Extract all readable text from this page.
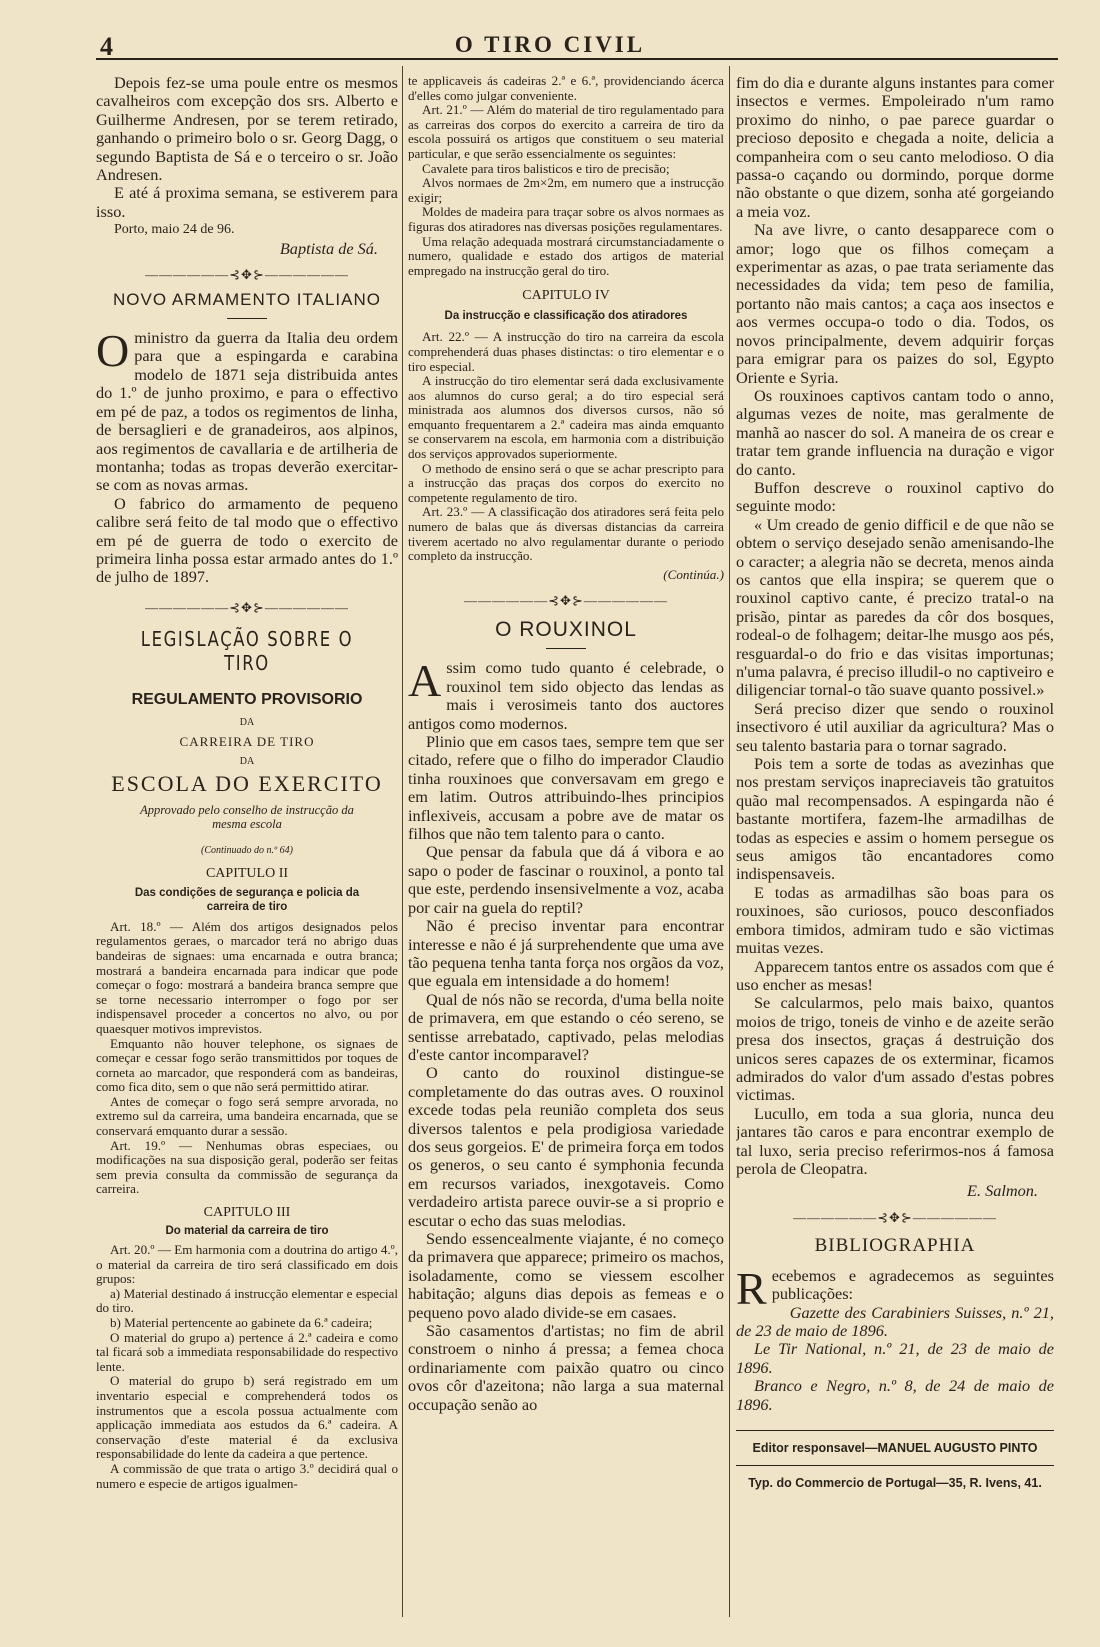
4	O TIRO CIVIL

Depois fez-se uma poule entre os mesmos cavalheiros com excepção dos srs. Alberto e Guilherme Andresen, por se terem retirado, ganhando o primeiro bolo o sr. Georg Dagg, o segundo Baptista de Sá e o terceiro o sr. João Andresen.

E até á proxima semana, se estiverem para isso.

Porto, maio 24 de 96.

Baptista de Sá.

——————⊰✥⊱——————
NOVO ARMAMENTO ITALIANO

Oministro da guerra da Italia deu ordem para que a espingarda e carabina modelo de 1871 seja distribuida antes do 1.º de junho proximo, e para o effectivo em pé de paz, a todos os regimentos de linha, de bersaglieri e de granadeiros, aos alpinos, aos regimentos de cavallaria e de artilheria de montanha; todas as tropas deverão exercitar-se com as novas armas.

O fabrico do armamento de pequeno calibre será feito de tal modo que o effectivo em pé de guerra de todo o exercito de primeira linha possa estar armado antes do 1.º de julho de 1897.

——————⊰✥⊱——————
LEGISLAÇÃO SOBRE O TIRO
REGULAMENTO PROVISORIO
DA
CARREIRA DE TIRO
DA
ESCOLA DO EXERCITO
Approvado pelo conselho de instrucção da mesma escola
(Continuado do n.º 64)
CAPITULO II
Das condições de segurança e policia da carreira de tiro

Art. 18.º — Além dos artigos designados pelos regulamentos geraes, o marcador terá no abrigo duas bandeiras de signaes: uma encarnada e outra branca; mostrará a bandeira encarnada para indicar que pode começar o fogo: mostrará a bandeira branca sempre que se torne necessario interromper o fogo por ser indispensavel proceder a concertos no alvo, ou por quaesquer motivos imprevistos.

Emquanto não houver telephone, os signaes de começar e cessar fogo serão transmittidos por toques de corneta ao marcador, que responderá com as bandeiras, como fica dito, sem o que não será permittido atirar.

Antes de começar o fogo será sempre arvorada, no extremo sul da carreira, uma bandeira encarnada, que se conservará emquanto durar a sessão.

Art. 19.º — Nenhumas obras especiaes, ou modificações na sua disposição geral, poderão ser feitas sem previa consulta da commissão de segurança da carreira.

CAPITULO III
Do material da carreira de tiro

Art. 20.º — Em harmonia com a doutrina do artigo 4.º, o material da carreira de tiro será classificado em dois grupos:

a) Material destinado á instrucção elementar e especial do tiro.

b) Material pertencente ao gabinete da 6.ª cadeira;

O material do grupo a) pertence á 2.ª cadeira e como tal ficará sob a immediata responsabilidade do respectivo lente.

O material do grupo b) será registrado em um inventario especial e comprehenderá todos os instrumentos que a escola possua actualmente com applicação immediata aos estudos da 6.ª cadeira. A conservação d'este material é da exclusiva responsabilidade do lente da cadeira a que pertence.

A commissão de que trata o artigo 3.º decidirá qual o numero e especie de artigos igualmen-

te applicaveis ás cadeiras 2.ª e 6.ª, providenciando ácerca d'elles como julgar conveniente.

Art. 21.º — Além do material de tiro regulamentado para as carreiras dos corpos do exercito a carreira de tiro da escola possuirá os artigos que constituem o seu material particular, e que serão essencialmente os seguintes:

Cavalete para tiros balisticos e tiro de precisão;

Alvos normaes de 2m×2m, em numero que a instrucção exigir;

Moldes de madeira para traçar sobre os alvos normaes as figuras dos atiradores nas diversas posições regulamentares.

Uma relação adequada mostrará circumstanciadamente o numero, qualidade e estado dos artigos de material empregado na instrucção geral do tiro.

CAPITULO IV
Da instrucção e classificação dos atiradores

Art. 22.º — A instrucção do tiro na carreira da escola comprehenderá duas phases distinctas: o tiro elementar e o tiro especial.

A instrucção do tiro elementar será dada exclusivamente aos alumnos do curso geral; a do tiro especial será ministrada aos alumnos dos diversos cursos, não só emquanto frequentarem a 2.ª cadeira mas ainda emquanto se conservarem na escola, em harmonia com a distribuição dos serviços approvados superiormente.

O methodo de ensino será o que se achar prescripto para a instrucção das praças dos corpos do exercito no competente regulamento de tiro.

Art. 23.º — A classificação dos atiradores será feita pelo numero de balas que ás diversas distancias da carreira tiverem acertado no alvo regulamentar durante o periodo completo da instrucção.

(Continúa.)

——————⊰✥⊱——————
O ROUXINOL

Assim como tudo quanto é celebrade, o rouxinol tem sido objecto das lendas as mais i verosimeis tanto dos auctores antigos como modernos.

Plinio que em casos taes, sempre tem que ser citado, refere que o filho do imperador Claudio tinha rouxinoes que conversavam em grego e em latim. Outros attribuindo-lhes principios inflexiveis, accusam a pobre ave de matar os filhos que não tem talento para o canto.

Que pensar da fabula que dá á vibora e ao sapo o poder de fascinar o rouxinol, a ponto tal que este, perdendo insensivelmente a voz, acaba por cair na guela do reptil?

Não é preciso inventar para encontrar interesse e não é já surprehendente que uma ave tão pequena tenha tanta força nos orgãos da voz, que eguala em intensidade a do homem!

Qual de nós não se recorda, d'uma bella noite de primavera, em que estando o céo sereno, se sentisse arrebatado, captivado, pelas melodias d'este cantor incomparavel?

O canto do rouxinol distingue-se completamente do das outras aves. O rouxinol excede todas pela reunião completa dos seus diversos talentos e pela prodigiosa variedade dos seus gorgeios. E' de primeira força em todos os generos, o seu canto é symphonia fecunda em recursos variados, inexgotaveis. Como verdadeiro artista parece ouvir-se a si proprio e escutar o echo das suas melodias.

Sendo essencealmente viajante, é no começo da primavera que apparece; primeiro os machos, isoladamente, como se viessem escolher habitação; alguns dias depois as femeas e o pequeno povo alado divide-se em casaes.

São casamentos d'artistas; no fim de abril constroem o ninho á pressa; a femea choca ordinariamente com paixão quatro ou cinco ovos côr d'azeitona; não larga a sua maternal occupação senão ao

fim do dia e durante alguns instantes para comer insectos e vermes. Empoleirado n'um ramo proximo do ninho, o pae parece guardar o precioso deposito e chegada a noite, delicia a companheira com o seu canto melodioso. O dia passa-o caçando ou dormindo, porque dorme não obstante o que dizem, sonha até gorgeiando a meia voz.

Na ave livre, o canto desapparece com o amor; logo que os filhos começam a experimentar as azas, o pae trata seriamente das necessidades da vida; tem peso de familia, portanto não mais cantos; a caça aos insectos e aos vermes occupa-o todo o dia. Todos, os novos principalmente, devem adquirir forças para emigrar para os paizes do sol, Egypto Oriente e Syria.

Os rouxinoes captivos cantam todo o anno, algumas vezes de noite, mas geralmente de manhã ao nascer do sol. A maneira de os crear e tratar tem grande influencia na duração e vigor do canto.

Buffon descreve o rouxinol captivo do seguinte modo:

« Um creado de genio difficil e de que não se obtem o serviço desejado senão amenisando-lhe o caracter; a alegria não se decreta, menos ainda os cantos que ella inspira; se querem que o rouxinol captivo cante, é precizo tratal-o na prisão, pintar as paredes da côr dos bosques, rodeal-o de folhagem; deitar-lhe musgo aos pés, resguardal-o do frio e das visitas importunas; n'uma palavra, é preciso illudil-o no captiveiro e diligenciar tornal-o tão suave quanto possivel.»

Será preciso dizer que sendo o rouxinol insectivoro é util auxiliar da agricultura? Mas o seu talento bastaria para o tornar sagrado.

Pois tem a sorte de todas as avezinhas que nos prestam serviços inapreciaveis tão gratuitos quão mal recompensados. A espingarda não é bastante mortifera, fazem-lhe armadilhas de todas as especies e assim o homem persegue os seus amigos tão encantadores como indispensaveis.

E todas as armadilhas são boas para os rouxinoes, são curiosos, pouco desconfiados embora timidos, admiram tudo e são victimas muitas vezes.

Apparecem tantos entre os assados com que é uso encher as mesas!

Se calcularmos, pelo mais baixo, quantos moios de trigo, toneis de vinho e de azeite serão presa dos insectos, graças á destruição dos unicos seres capazes de os exterminar, ficamos admirados do valor d'um assado d'estas pobres victimas.

Lucullo, em toda a sua gloria, nunca deu jantares tão caros e para encontrar exemplo de tal luxo, seria preciso referirmos-nos á famosa perola de Cleopatra.

E. Salmon.

——————⊰✥⊱——————
BIBLIOGRAPHIA

Recebemos e agradecemos as seguintes publicações:

Gazette des Carabiniers Suisses, n.º 21, de 23 de maio de 1896.

Le Tir National, n.º 21, de 23 de maio de 1896.

Branco e Negro, n.º 8, de 24 de maio de 1896.

Editor responsavel—MANUEL AUGUSTO PINTO
Typ. do Commercio de Portugal—35, R. Ivens, 41.
